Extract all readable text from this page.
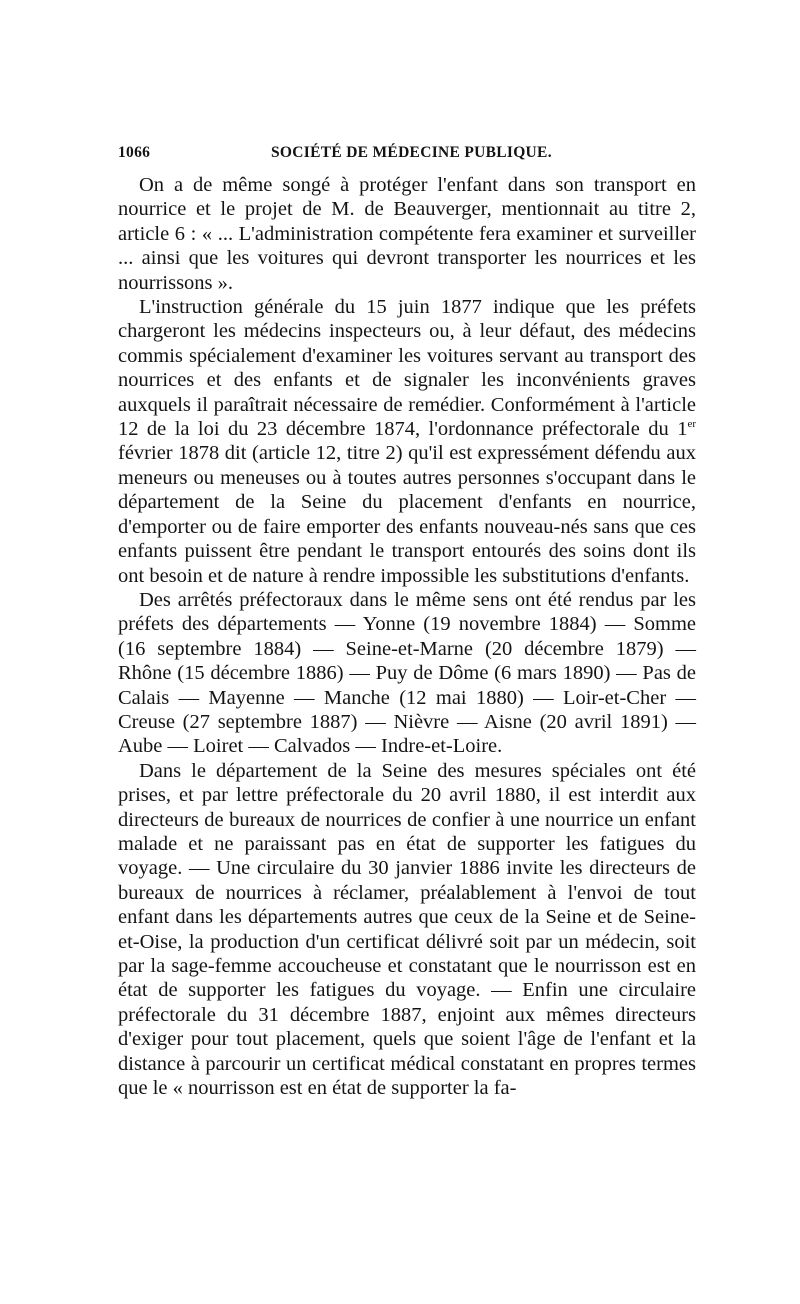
1066	SOCIÉTÉ DE MÉDECINE PUBLIQUE.

On a de même songé à protéger l'enfant dans son transport en nourrice et le projet de M. de Beauverger, mentionnait au titre 2, article 6 : « ... L'administration compétente fera examiner et surveiller ... ainsi que les voitures qui devront transporter les nourrices et les nourrissons ».

L'instruction générale du 15 juin 1877 indique que les préfets chargeront les médecins inspecteurs ou, à leur défaut, des médecins commis spécialement d'examiner les voitures servant au transport des nourrices et des enfants et de signaler les inconvénients graves auxquels il paraîtrait nécessaire de remédier. Conformément à l'article 12 de la loi du 23 décembre 1874, l'ordonnance préfectorale du 1er février 1878 dit (article 12, titre 2) qu'il est expressément défendu aux meneurs ou meneuses ou à toutes autres personnes s'occupant dans le département de la Seine du placement d'enfants en nourrice, d'emporter ou de faire emporter des enfants nouveau-nés sans que ces enfants puissent être pendant le transport entourés des soins dont ils ont besoin et de nature à rendre impossible les substitutions d'enfants.

Des arrêtés préfectoraux dans le même sens ont été rendus par les préfets des départements — Yonne (19 novembre 1884) — Somme (16 septembre 1884) — Seine-et-Marne (20 décembre 1879) — Rhône (15 décembre 1886) — Puy de Dôme (6 mars 1890) — Pas de Calais — Mayenne — Manche (12 mai 1880) — Loir-et-Cher — Creuse (27 septembre 1887) — Nièvre — Aisne (20 avril 1891) — Aube — Loiret — Calvados — Indre-et-Loire.

Dans le département de la Seine des mesures spéciales ont été prises, et par lettre préfectorale du 20 avril 1880, il est interdit aux directeurs de bureaux de nourrices de confier à une nourrice un enfant malade et ne paraissant pas en état de supporter les fatigues du voyage. — Une circulaire du 30 janvier 1886 invite les directeurs de bureaux de nourrices à réclamer, préalablement à l'envoi de tout enfant dans les départements autres que ceux de la Seine et de Seine-et-Oise, la production d'un certificat délivré soit par un médecin, soit par la sage-femme accoucheuse et constatant que le nourrisson est en état de supporter les fatigues du voyage. — Enfin une circulaire préfectorale du 31 décembre 1887, enjoint aux mêmes directeurs d'exiger pour tout placement, quels que soient l'âge de l'enfant et la distance à parcourir un certificat médical constatant en propres termes que le « nourrisson est en état de supporter la fa-
